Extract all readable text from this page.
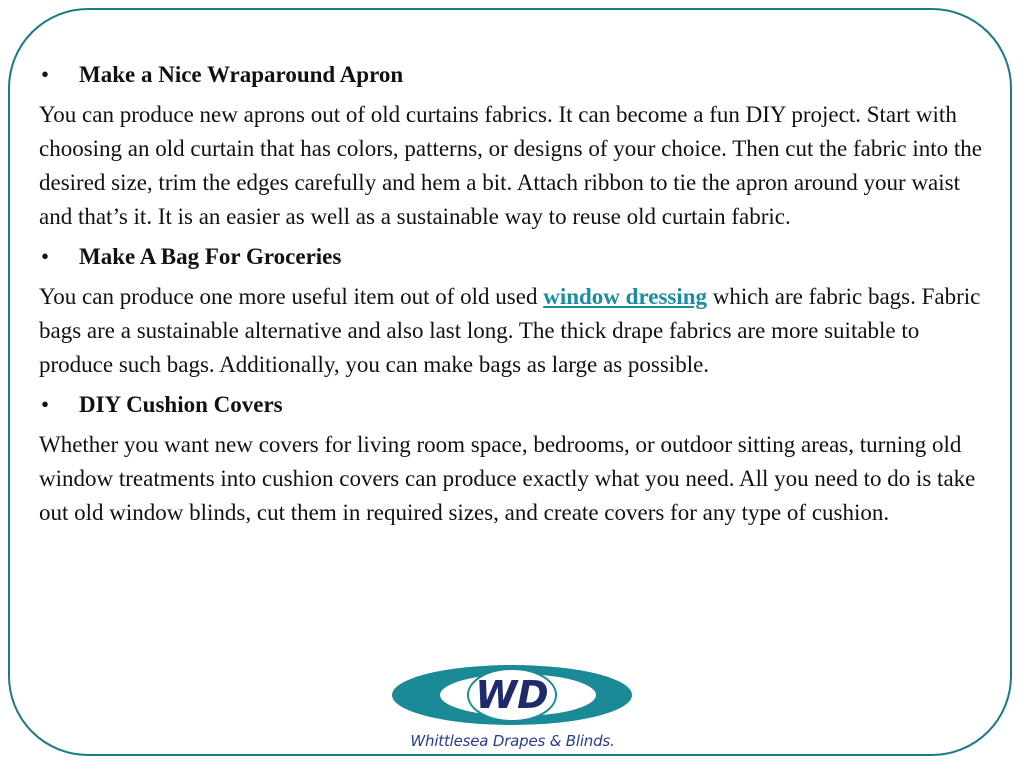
•	Make a Nice Wraparound Apron

You can produce new aprons out of old curtains fabrics. It can become a fun DIY project. Start with choosing an old curtain that has colors, patterns, or designs of your choice. Then cut the fabric into the desired size, trim the edges carefully and hem a bit. Attach ribbon to tie the apron around your waist and that’s it. It is an easier as well as a sustainable way to reuse old curtain fabric.

•	Make A Bag For Groceries

You can produce one more useful item out of old used window dressing which are fabric bags. Fabric bags are a sustainable alternative and also last long. The thick drape fabrics are more suitable to produce such bags. Additionally, you can make bags as large as possible.

•	DIY Cushion Covers

Whether you want new covers for living room space, bedrooms, or outdoor sitting areas, turning old window treatments into cushion covers can produce exactly what you need. All you need to do is take out old window blinds, cut them in required sizes, and create covers for any type of cushion.

WD
Whittlesea Drapes & Blinds.
